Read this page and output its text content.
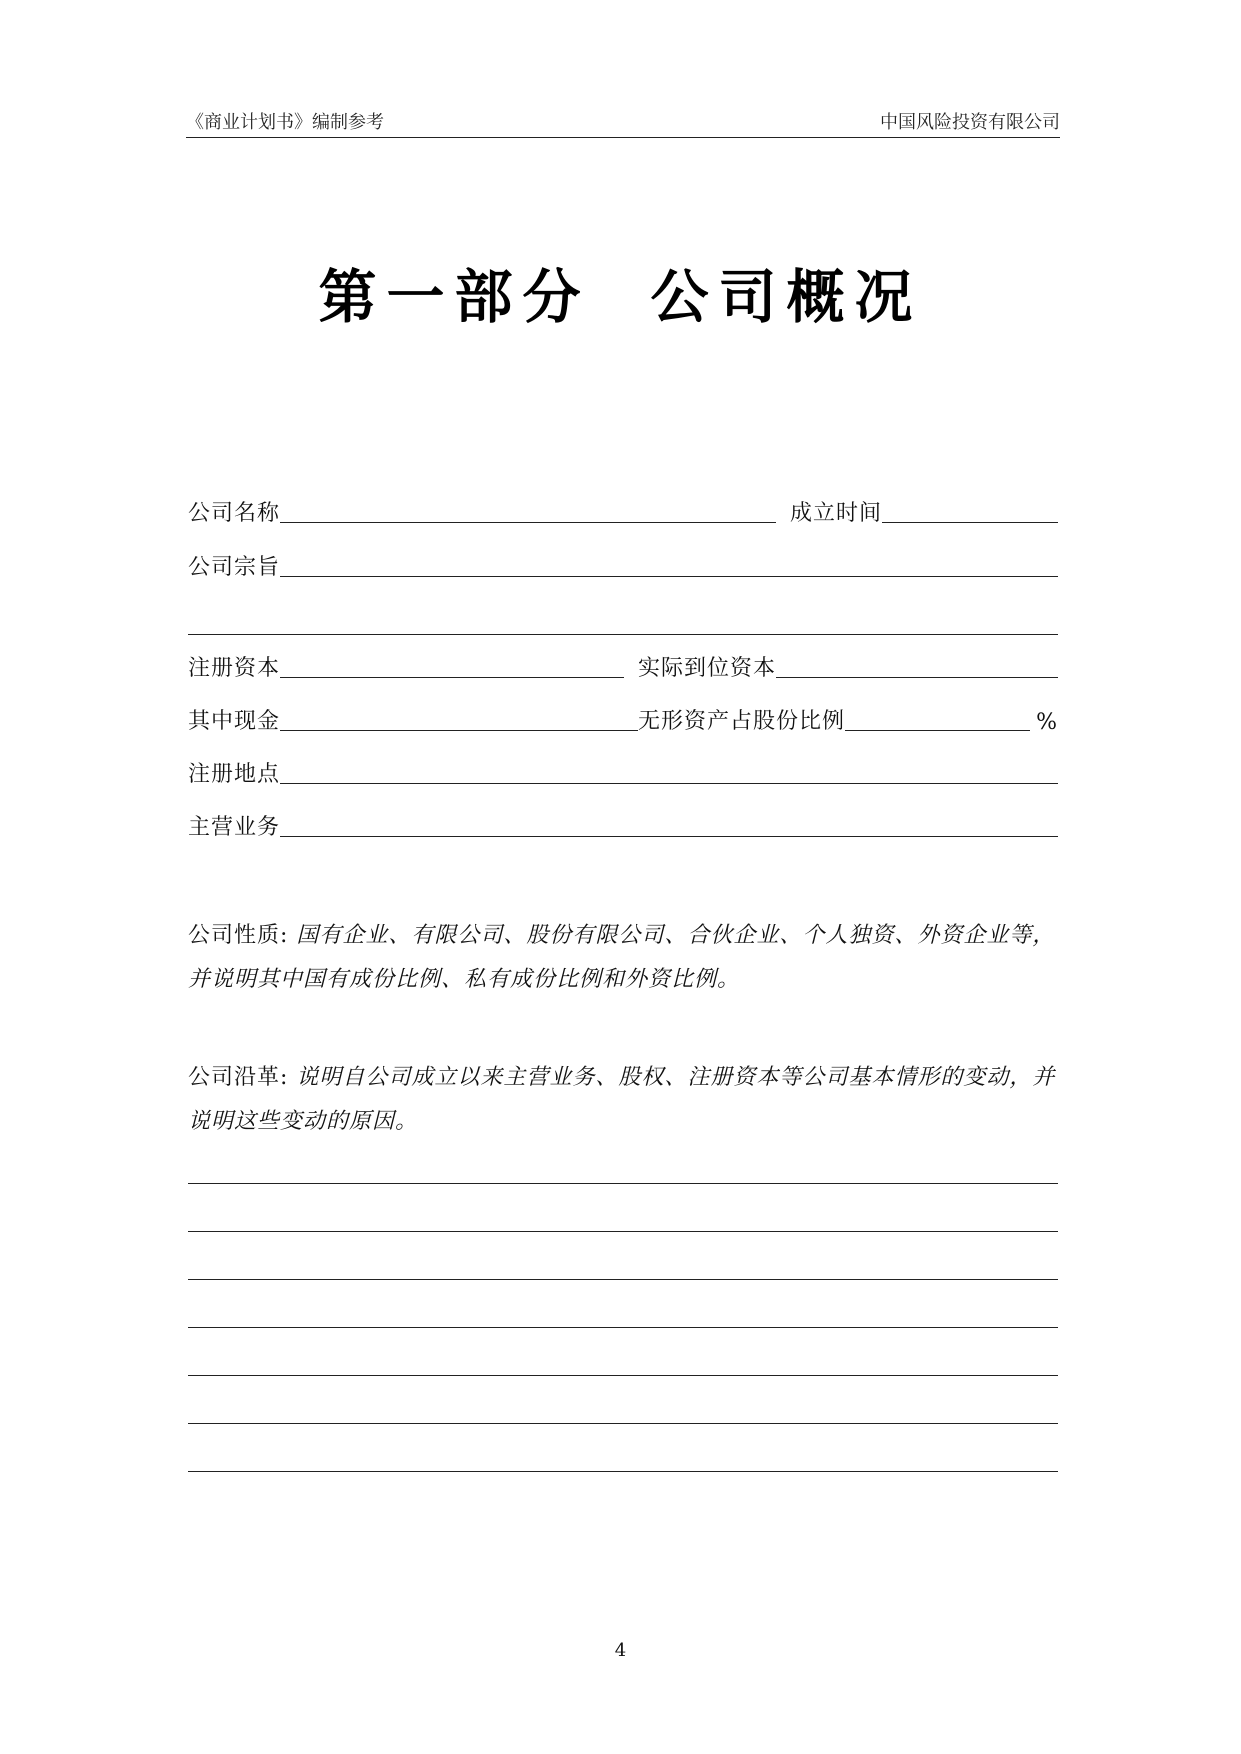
《商业计划书》编制参考	中国风险投资有限公司
第一部分 公司概况
公司名称	成立时间
公司宗旨
注册资本	实际到位资本
其中现金	无形资产占股份比例	%
注册地点
主营业务
公司性质: 国有企业、有限公司、股份有限公司、合伙企业、个人独资、外资企业等，并说明其中国有成份比例、私有成份比例和外资比例。
公司沿革: 说明自公司成立以来主营业务、股权、注册资本等公司基本情形的变动，并说明这些变动的原因。
4
